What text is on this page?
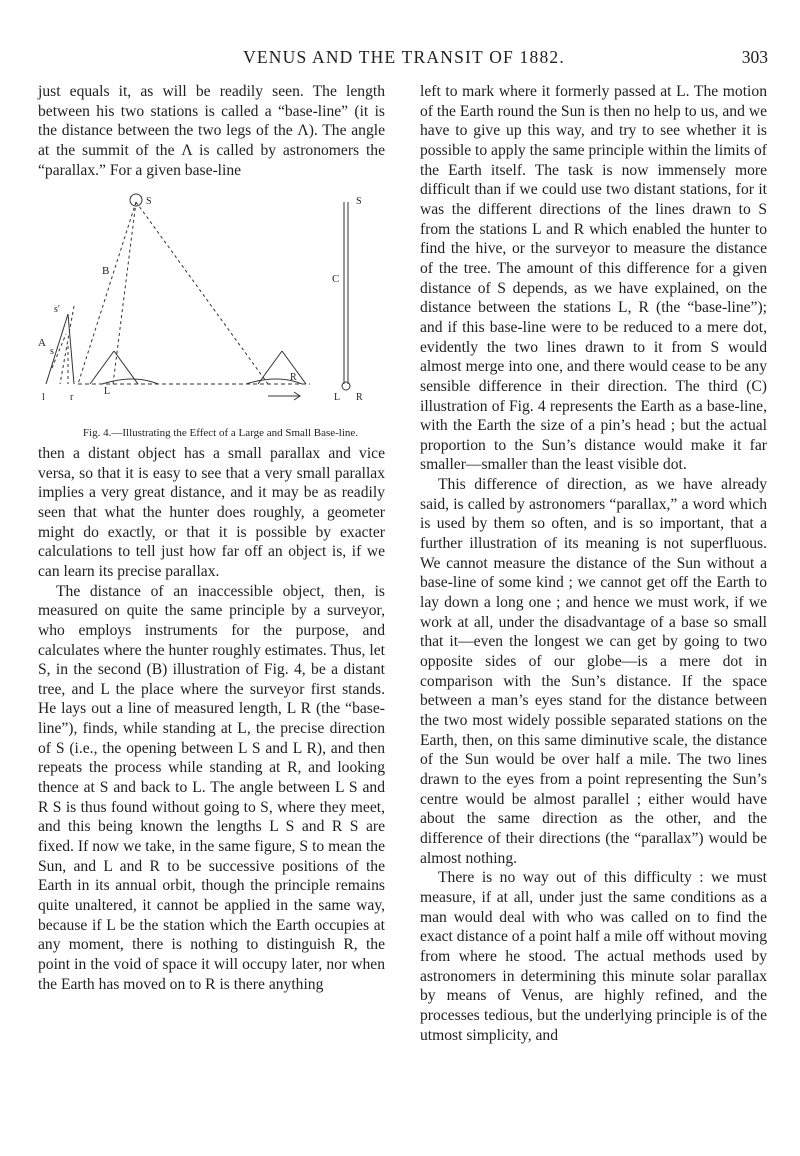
VENUS AND THE TRANSIT OF 1882.	303

just equals it, as will be readily seen. The length between his two stations is called a “base-line” (it is the distance between the two legs of the Λ). The angle at the summit of the Λ is called by astronomers the “parallax.” For a given base-line

S	S
s′
s
A
B
C
l	r
L
R
L R

Fig. 4.—Illustrating the Effect of a Large and Small Base-line.

then a distant object has a small parallax and vice versa, so that it is easy to see that a very small parallax implies a very great distance, and it may be as readily seen that what the hunter does roughly, a geometer might do exactly, or that it is possible by exacter calculations to tell just how far off an object is, if we can learn its precise parallax.

The distance of an inaccessible object, then, is measured on quite the same principle by a surveyor, who employs instruments for the purpose, and calculates where the hunter roughly estimates. Thus, let S, in the second (B) illustration of Fig. 4, be a distant tree, and L the place where the surveyor first stands. He lays out a line of measured length, L R (the “base-line”), finds, while standing at L, the precise direction of S (i.e., the opening between L S and L R), and then repeats the process while standing at R, and looking thence at S and back to L. The angle between L S and R S is thus found without going to S, where they meet, and this being known the lengths L S and R S are fixed. If now we take, in the same figure, S to mean the Sun, and L and R to be successive positions of the Earth in its annual orbit, though the principle remains quite unaltered, it cannot be applied in the same way, because if L be the station which the Earth occupies at any moment, there is nothing to distinguish R, the point in the void of space it will occupy later, nor when the Earth has moved on to R is there anything

left to mark where it formerly passed at L. The motion of the Earth round the Sun is then no help to us, and we have to give up this way, and try to see whether it is possible to apply the same principle within the limits of the Earth itself. The task is now immensely more difficult than if we could use two distant stations, for it was the different directions of the lines drawn to S from the stations L and R which enabled the hunter to find the hive, or the surveyor to measure the distance of the tree. The amount of this difference for a given distance of S depends, as we have explained, on the distance between the stations L, R (the “base-line”); and if this base-line were to be reduced to a mere dot, evidently the two lines drawn to it from S would almost merge into one, and there would cease to be any sensible difference in their direction. The third (C) illustration of Fig. 4 represents the Earth as a base-line, with the Earth the size of a pin’s head ; but the actual proportion to the Sun’s distance would make it far smaller—smaller than the least visible dot.

This difference of direction, as we have already said, is called by astronomers “parallax,” a word which is used by them so often, and is so important, that a further illustration of its meaning is not superfluous. We cannot measure the distance of the Sun without a base-line of some kind ; we cannot get off the Earth to lay down a long one ; and hence we must work, if we work at all, under the disadvantage of a base so small that it—even the longest we can get by going to two opposite sides of our globe—is a mere dot in comparison with the Sun’s distance. If the space between a man’s eyes stand for the distance between the two most widely possible separated stations on the Earth, then, on this same diminutive scale, the distance of the Sun would be over half a mile. The two lines drawn to the eyes from a point representing the Sun’s centre would be almost parallel ; either would have about the same direction as the other, and the difference of their directions (the “parallax”) would be almost nothing.

There is no way out of this difficulty : we must measure, if at all, under just the same conditions as a man would deal with who was called on to find the exact distance of a point half a mile off without moving from where he stood. The actual methods used by astronomers in determining this minute solar parallax by means of Venus, are highly refined, and the processes tedious, but the underlying principle is of the utmost simplicity, and
